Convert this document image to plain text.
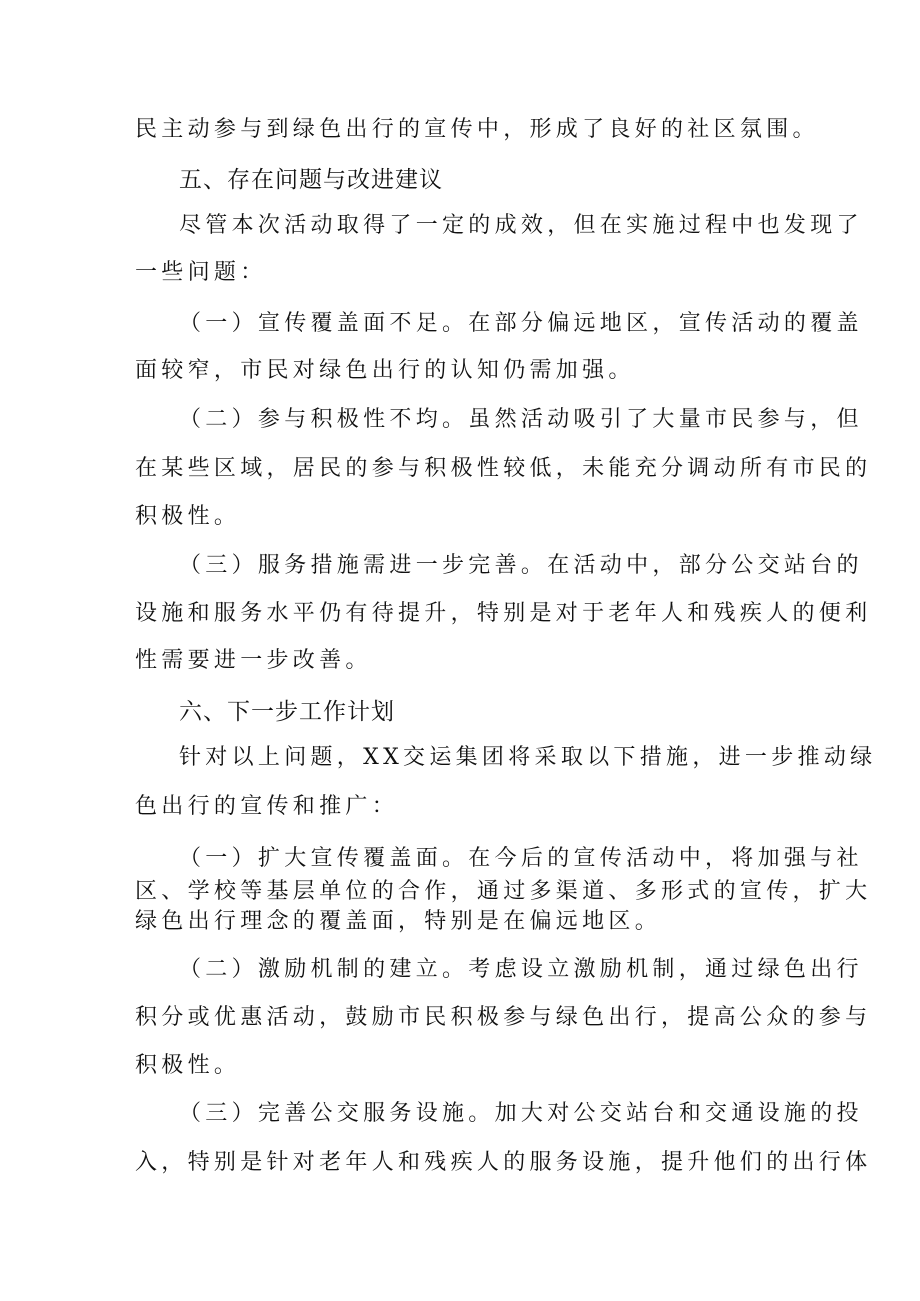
民主动参与到绿色出行的宣传中，形成了良好的社区氛围。
五、存在问题与改进建议
尽管本次活动取得了一定的成效，但在实施过程中也发现了
一些问题：
（一）宣传覆盖面不足。在部分偏远地区，宣传活动的覆盖
面较窄，市民对绿色出行的认知仍需加强。
（二）参与积极性不均。虽然活动吸引了大量市民参与，但
在某些区域，居民的参与积极性较低，未能充分调动所有市民的
积极性。
（三）服务措施需进一步完善。在活动中，部分公交站台的
设施和服务水平仍有待提升，特别是对于老年人和残疾人的便利
性需要进一步改善。
六、下一步工作计划
针对以上问题，XX交运集团将采取以下措施，进一步推动绿
色出行的宣传和推广：
（一）扩大宣传覆盖面。在今后的宣传活动中，将加强与社
区、学校等基层单位的合作，通过多渠道、多形式的宣传，扩大
绿色出行理念的覆盖面，特别是在偏远地区。
（二）激励机制的建立。考虑设立激励机制，通过绿色出行
积分或优惠活动，鼓励市民积极参与绿色出行，提高公众的参与
积极性。
（三）完善公交服务设施。加大对公交站台和交通设施的投
入，特别是针对老年人和残疾人的服务设施，提升他们的出行体
